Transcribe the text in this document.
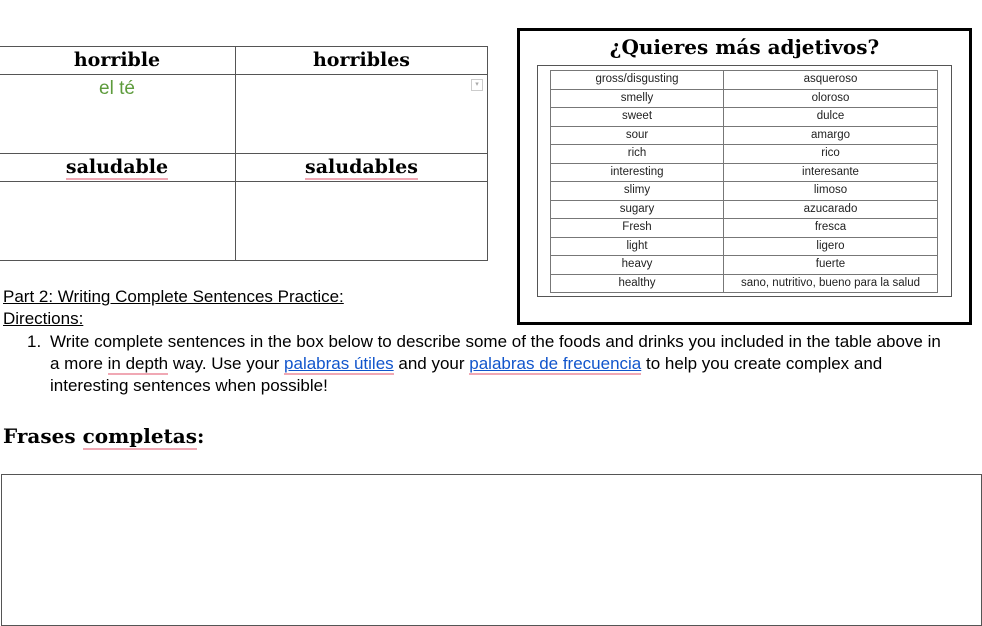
horrible	horribles
el té	▾

saludable	saludables

¿Quieres más adjetivos?
gross/disgusting	asqueroso
smelly	oloroso
sweet	dulce
sour	amargo
rich	rico
interesting	interesante
slimy	limoso
sugary	azucarado
Fresh	fresca
light	ligero
heavy	fuerte
healthy	sano, nutritivo, bueno para la salud
Part 2: Writing Complete Sentences Practice:
Directions:
1. Write complete sentences in the box below to describe some of the foods and drinks you included in the table above in
a more in depth way. Use your palabras útiles and your palabras de frecuencia to help you create complex and
interesting sentences when possible!
Frases completas:
